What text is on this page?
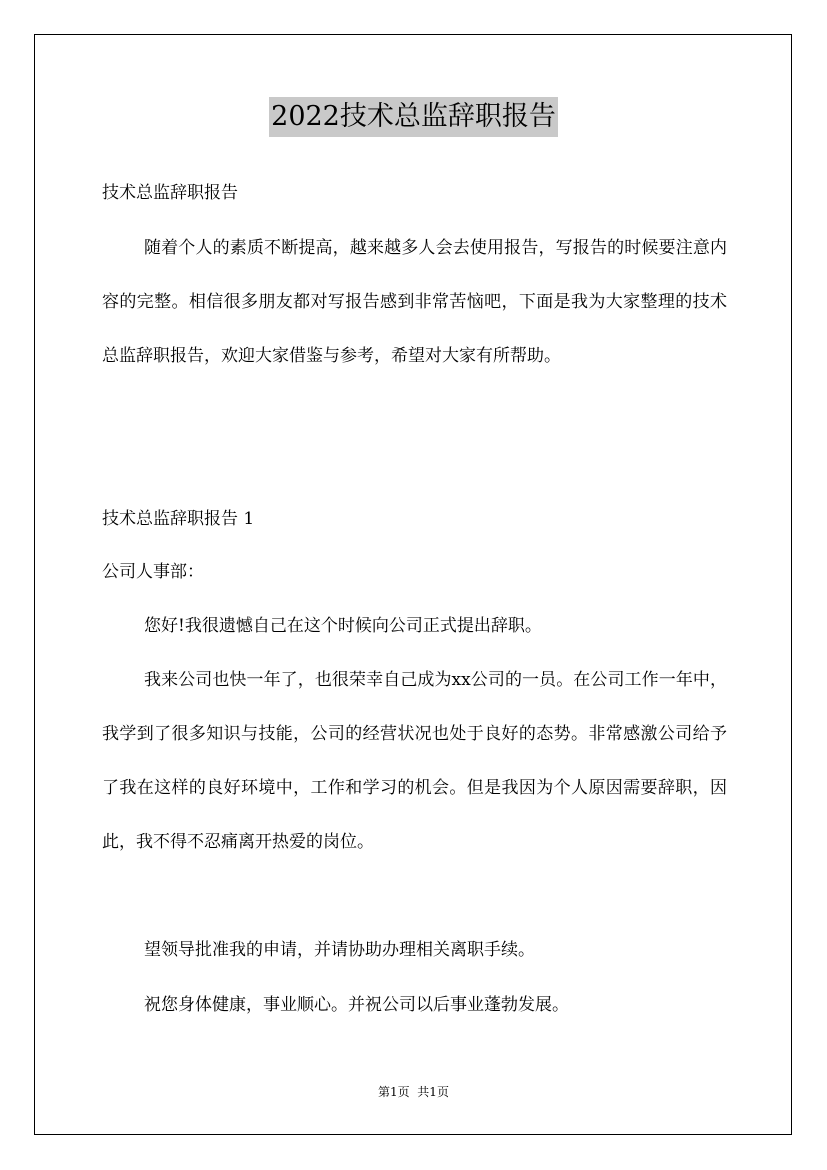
2022技术总监辞职报告

技术总监辞职报告

随着个人的素质不断提高，越来越多人会去使用报告，写报告的时候要注意内容的完整。相信很多朋友都对写报告感到非常苦恼吧，下面是我为大家整理的技术总监辞职报告，欢迎大家借鉴与参考，希望对大家有所帮助。

技术总监辞职报告 1

公司人事部：

您好!我很遗憾自己在这个时候向公司正式提出辞职。

我来公司也快一年了，也很荣幸自己成为xx公司的一员。在公司工作一年中，我学到了很多知识与技能，公司的经营状况也处于良好的态势。非常感激公司给予了我在这样的良好环境中，工作和学习的机会。但是我因为个人原因需要辞职，因此，我不得不忍痛离开热爱的岗位。

望领导批准我的申请，并请协助办理相关离职手续。

祝您身体健康，事业顺心。并祝公司以后事业蓬勃发展。

第1页  共1页
